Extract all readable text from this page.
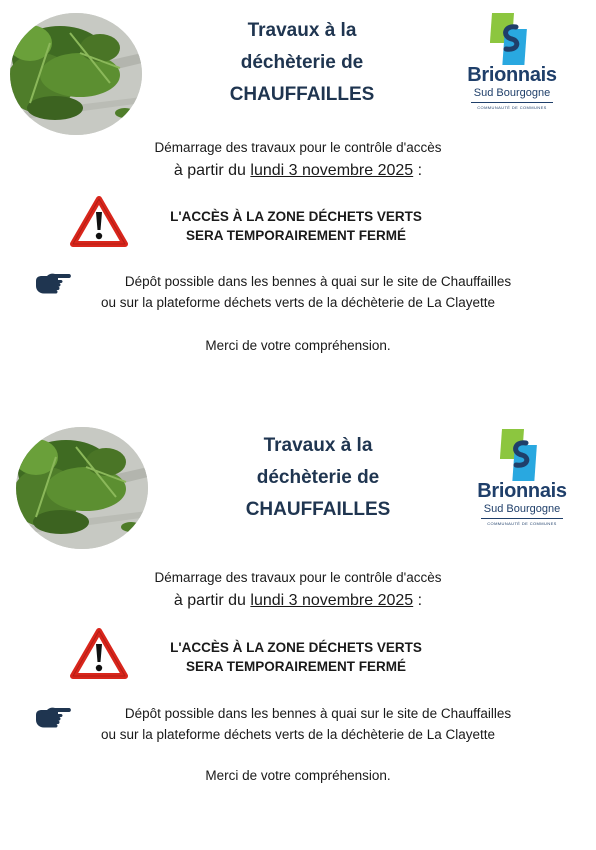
Travaux à la
déchèterie de
CHAUFFAILLES
Brionnais
Sud Bourgogne
COMMUNAUTÉ DE COMMUNES
Démarrage des travaux pour le contrôle d'accès
à partir du lundi 3 novembre 2025 :
L'ACCÈS À LA ZONE DÉCHETS VERTS
SERA TEMPORAIREMENT FERMÉ
Dépôt possible dans les bennes à quai sur le site de Chauffailles
ou sur la plateforme déchets verts de la déchèterie de La Clayette
Merci de votre compréhension.
Travaux à la
déchèterie de
CHAUFFAILLES
Brionnais
Sud Bourgogne
COMMUNAUTÉ DE COMMUNES
Démarrage des travaux pour le contrôle d'accès
à partir du lundi 3 novembre 2025 :
L'ACCÈS À LA ZONE DÉCHETS VERTS
SERA TEMPORAIREMENT FERMÉ
Dépôt possible dans les bennes à quai sur le site de Chauffailles
ou sur la plateforme déchets verts de la déchèterie de La Clayette
Merci de votre compréhension.
